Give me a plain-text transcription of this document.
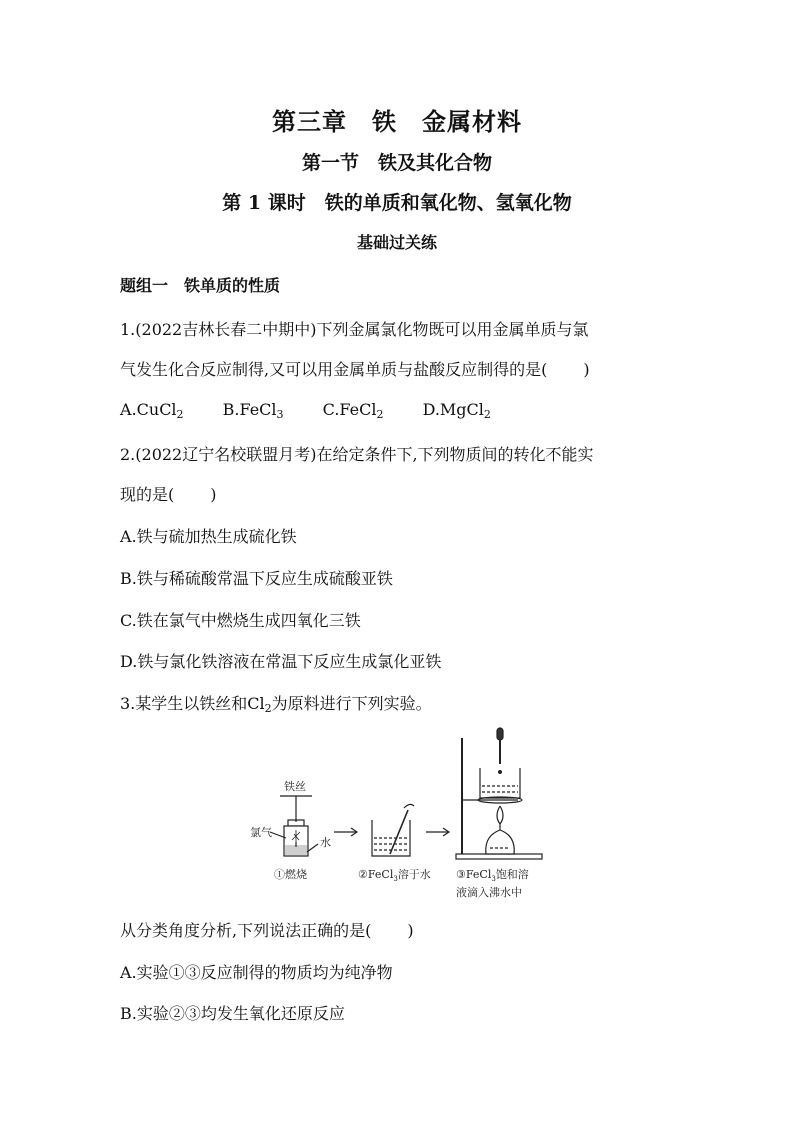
第三章　铁　金属材料
第一节　铁及其化合物
第 1 课时　铁的单质和氧化物、氢氧化物
基础过关练
题组一　铁单质的性质
1.(2022吉林长春二中期中)下列金属氯化物既可以用金属单质与氯
气发生化合反应制得,又可以用金属单质与盐酸反应制得的是( )
A.CuCl$_2$ B.FeCl$_3$ C.FeCl$_2$ D.MgCl$_2$
2.(2022辽宁名校联盟月考)在给定条件下,下列物质间的转化不能实
现的是( )
A.铁与硫加热生成硫化铁
B.铁与稀硫酸常温下反应生成硫酸亚铁
C.铁在氯气中燃烧生成四氧化三铁
D.铁与氯化铁溶液在常温下反应生成氯化亚铁
3.某学生以铁丝和$Cl_2$为原料进行下列实验。
铁丝
氯气
水
①燃烧	②FeCl$_3$溶于水 ③FeCl$_3$饱和溶
液滴入沸水中
从分类角度分析,下列说法正确的是( )
A.实验①③反应制得的物质均为纯净物
B.实验②③均发生氧化还原反应
